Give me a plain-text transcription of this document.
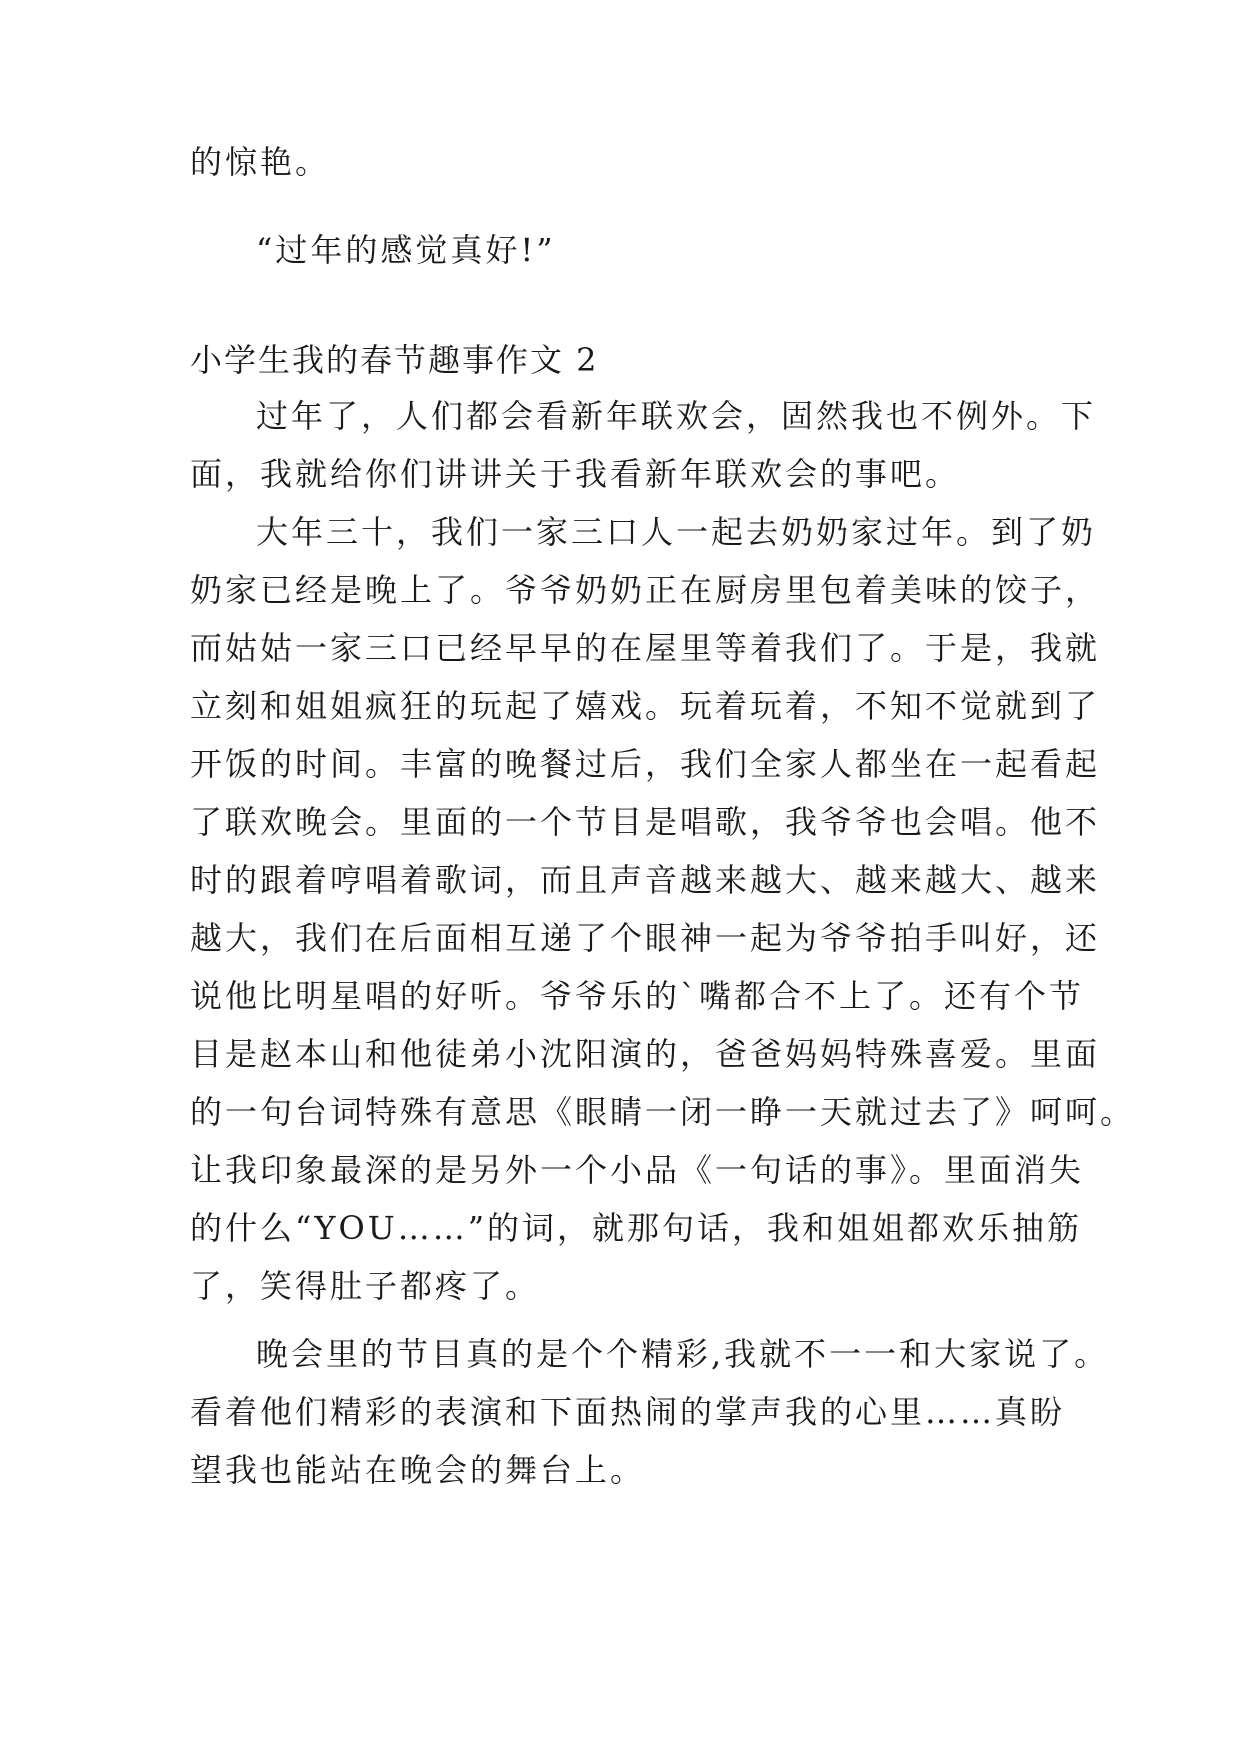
的惊艳。
“过年的感觉真好!”
小学生我的春节趣事作文 2
过年了，人们都会看新年联欢会，固然我也不例外。下
面，我就给你们讲讲关于我看新年联欢会的事吧。
大年三十，我们一家三口人一起去奶奶家过年。到了奶
奶家已经是晚上了。爷爷奶奶正在厨房里包着美味的饺子，
而姑姑一家三口已经早早的在屋里等着我们了。于是，我就
立刻和姐姐疯狂的玩起了嬉戏。玩着玩着，不知不觉就到了
开饭的时间。丰富的晚餐过后，我们全家人都坐在一起看起
了联欢晚会。里面的一个节目是唱歌，我爷爷也会唱。他不
时的跟着哼唱着歌词，而且声音越来越大、越来越大、越来
越大，我们在后面相互递了个眼神一起为爷爷拍手叫好，还
说他比明星唱的好听。爷爷乐的`嘴都合不上了。还有个节
目是赵本山和他徒弟小沈阳演的，爸爸妈妈特殊喜爱。里面
的一句台词特殊有意思《眼睛一闭一睁一天就过去了》呵呵。
让我印象最深的是另外一个小品《一句话的事》。里面消失
的什么“YOU……”的词，就那句话，我和姐姐都欢乐抽筋
了，笑得肚子都疼了。
晚会里的节目真的是个个精彩,我就不一一和大家说了。
看着他们精彩的表演和下面热闹的掌声我的心里……真盼
望我也能站在晚会的舞台上。
